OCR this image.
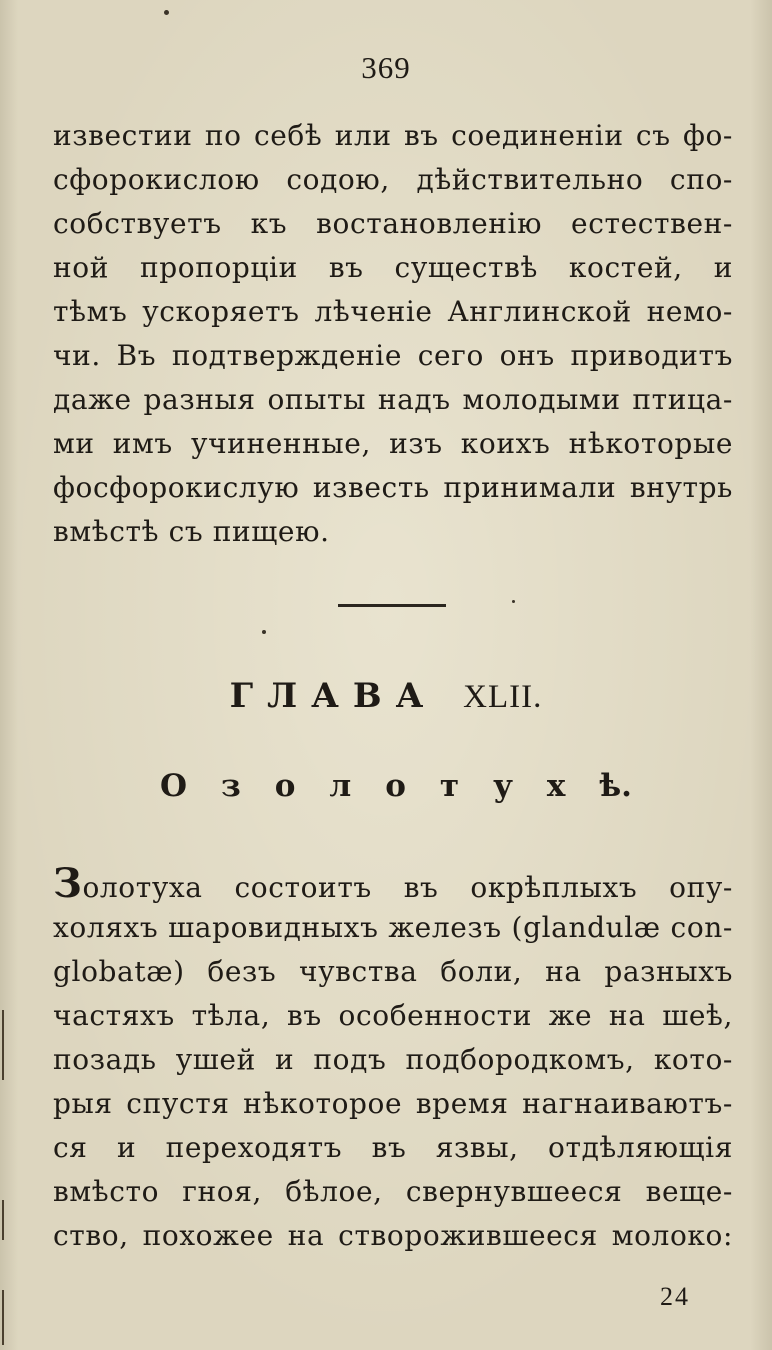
369
известии по себѣ или въ соединеніи съ фо-
сфорокислою содою, дѣйствительно спо-
собствуетъ къ востановленію естествен-
ной пропорціи въ существѣ костей, и
тѣмъ ускоряетъ лѣченіе Англинской немо-
чи. Въ подтвержденіе сего онъ приводитъ
даже разныя опыты надъ молодыми птица-
ми имъ учиненные, изъ коихъ нѣкоторые
фосфорокислую известь принимали внутрь
вмѣстѣ съ пищею.
ГЛАВА XLII.
О з о л о т у х ѣ.
Золотуха состоитъ въ окрѣплыхъ опу-
холяхъ шаровидныхъ железъ (glandulæ con-
globatæ) безъ чувства боли, на разныхъ
частяхъ тѣла, въ особенности же на шеѣ,
позадь ушей и подъ подбородкомъ, кото-
рыя спустя нѣкоторое время нагнаиваютъ-
ся и переходятъ въ язвы, отдѣляющія
вмѣсто гноя, бѣлое, свернувшееся веще-
ство, похожее на створожившееся молоко:
24
